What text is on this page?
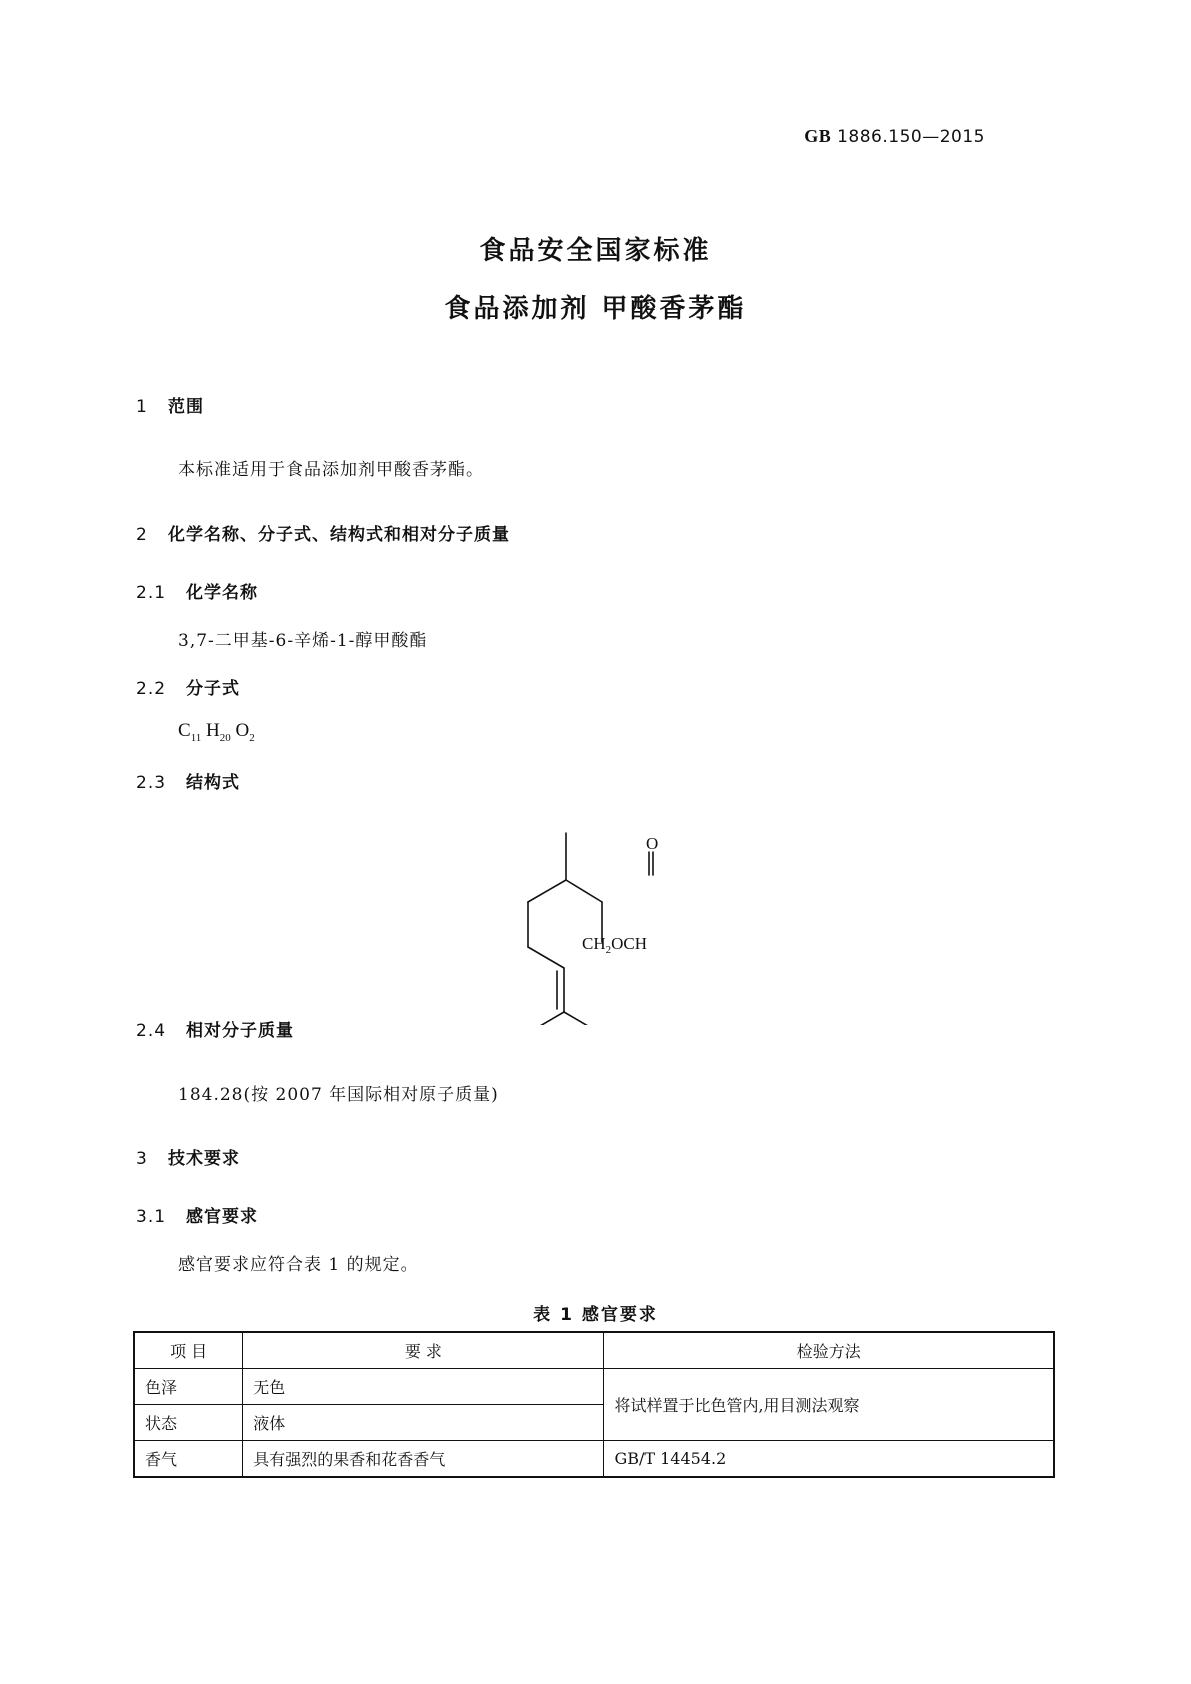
GB 1886.150—2015
食品安全国家标准
食品添加剂 甲酸香茅酯
1 范围
本标准适用于食品添加剂甲酸香茅酯。
2 化学名称、分子式、结构式和相对分子质量
2.1 化学名称
3,7-二甲基-6-辛烯-1-醇甲酸酯
2.2 分子式
$C_{11}$ $H_{20}$ $O_2$
2.3 结构式
O
$CH_2OCH$
2.4 相对分子质量
184.28(按 2007 年国际相对原子质量)
3 技术要求
3.1 感官要求
感官要求应符合表 1 的规定。
表 1 感官要求
项 目	要 求	检验方法
色泽	无色	将试样置于比色管内,用目测法观察
状态	液体	
香气	具有强烈的果香和花香香气	GB/T 14454.2
